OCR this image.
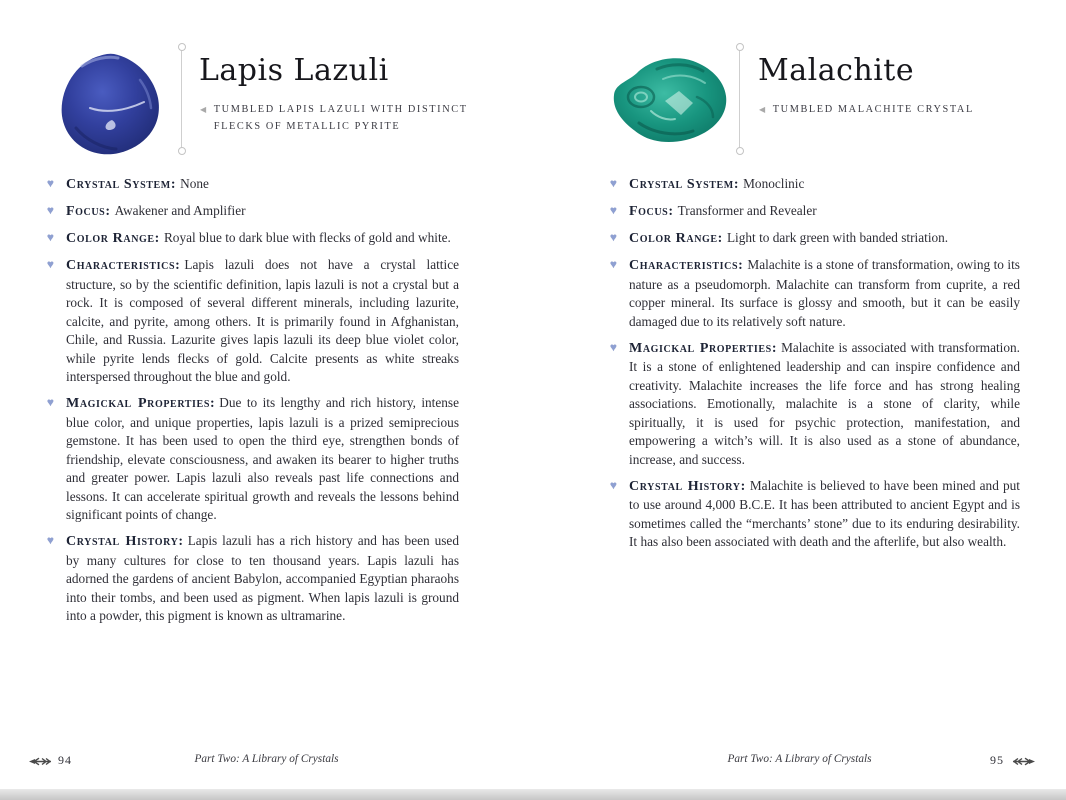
Lapis Lazuli
◀ TUMBLED LAPIS LAZULI WITH DISTINCT
FLECKS OF METALLIC PYRITE
♥ Crystal System: None

♥ Focus: Awakener and Amplifier

♥ Color Range: Royal blue to dark blue with flecks of gold and white.

♥ Characteristics: Lapis lazuli does not have a crystal lattice structure, so by the scientific definition, lapis lazuli is not a crystal but a rock. It is composed of several different minerals, including lazurite, calcite, and pyrite, among others. It is primarily found in Afghanistan, Chile, and Russia. Lazurite gives lapis lazuli its deep blue violet color, while pyrite lends flecks of gold. Calcite presents as white streaks interspersed throughout the blue and gold.

♥ Magickal Properties: Due to its lengthy and rich history, intense blue color, and unique properties, lapis lazuli is a prized semiprecious gemstone. It has been used to open the third eye, strengthen bonds of friendship, elevate consciousness, and awaken its bearer to higher truths and greater power. Lapis lazuli also reveals past life connections and lessons. It can accelerate spiritual growth and reveals the lessons behind significant points of change.

♥ Crystal History: Lapis lazuli has a rich history and has been used by many cultures for close to ten thousand years. Lapis lazuli has adorned the gardens of ancient Babylon, accompanied Egyptian pharaohs into their tombs, and been used as pigment. When lapis lazuli is ground into a powder, this pigment is known as ultramarine.

94	Part Two: A Library of Crystals
Malachite
◀ TUMBLED MALACHITE CRYSTAL
♥ Crystal System: Monoclinic

♥ Focus: Transformer and Revealer

♥ Color Range: Light to dark green with banded striation.

♥ Characteristics: Malachite is a stone of transformation, owing to its nature as a pseudomorph. Malachite can transform from cuprite, a red copper mineral. Its surface is glossy and smooth, but it can be easily damaged due to its relatively soft nature.

♥ Magickal Properties: Malachite is associated with transformation. It is a stone of enlightened leadership and can inspire confidence and creativity. Malachite increases the life force and has strong healing associations. Emotionally, malachite is a stone of clarity, while spiritually, it is used for psychic protection, manifestation, and empowering a witch’s will. It is also used as a stone of abundance, increase, and success.

♥ Crystal History: Malachite is believed to have been mined and put to use around 4,000 B.C.E. It has been attributed to ancient Egypt and is sometimes called the “merchants’ stone” due to its enduring desirability. It has also been associated with death and the afterlife, but also wealth.

Part Two: A Library of Crystals	95
